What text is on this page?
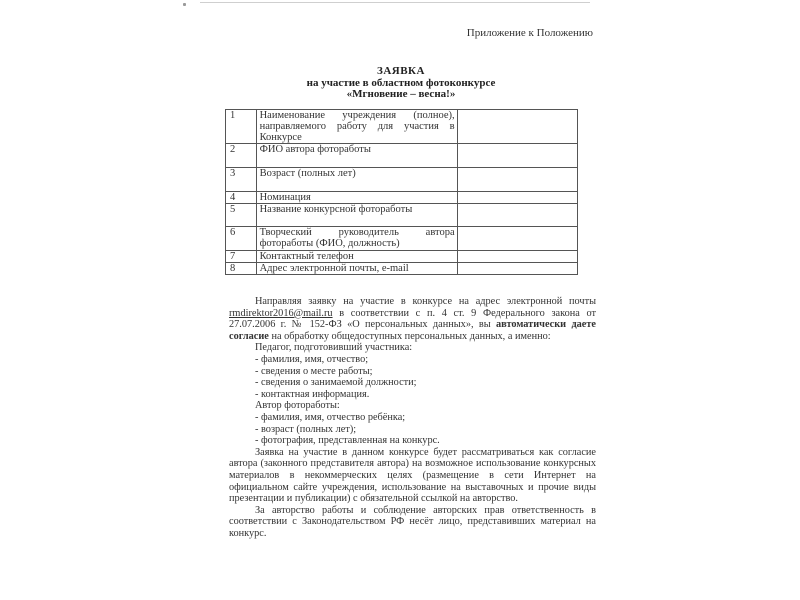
Приложение к Положению
ЗАЯВКА
на участие в областном фотоконкурсе
«Мгновение – весна!»
1	Наименование учреждения (полное), направляемого работу для участия в Конкурсе	
2	ФИО автора фотоработы	
3	Возраст (полных лет)	
4	Номинация	
5	Название конкурсной фотоработы	
6	Творческий руководитель автора фотоработы (ФИО, должность)	
7	Контактный телефон	
8	Адрес электронной почты, e-mail	

Направляя заявку на участие в конкурсе на адрес электронной почты rmdirektor2016@mail.ru в соответствии с п. 4 ст. 9 Федерального закона от 27.07.2006 г. № 152-ФЗ «О персональных данных», вы автоматически даете согласие на обработку общедоступных персональных данных, а именно:

Педагог, подготовивший участника:

- фамилия, имя, отчество;

- сведения о месте работы;

- сведения о занимаемой должности;

- контактная информация.

Автор фотоработы:

- фамилия, имя, отчество ребёнка;

- возраст (полных лет);

- фотография, представленная на конкурс.

Заявка на участие в данном конкурсе будет рассматриваться как согласие автора (законного представителя автора) на возможное использование конкурсных материалов в некоммерческих целях (размещение в сети Интернет на официальном сайте учреждения, использование на выставочных и прочие виды презентации и публикации) с обязательной ссылкой на авторство.

За авторство работы и соблюдение авторских прав ответственность в соответствии с Законодательством РФ несёт лицо, представивших материал на конкурс.
